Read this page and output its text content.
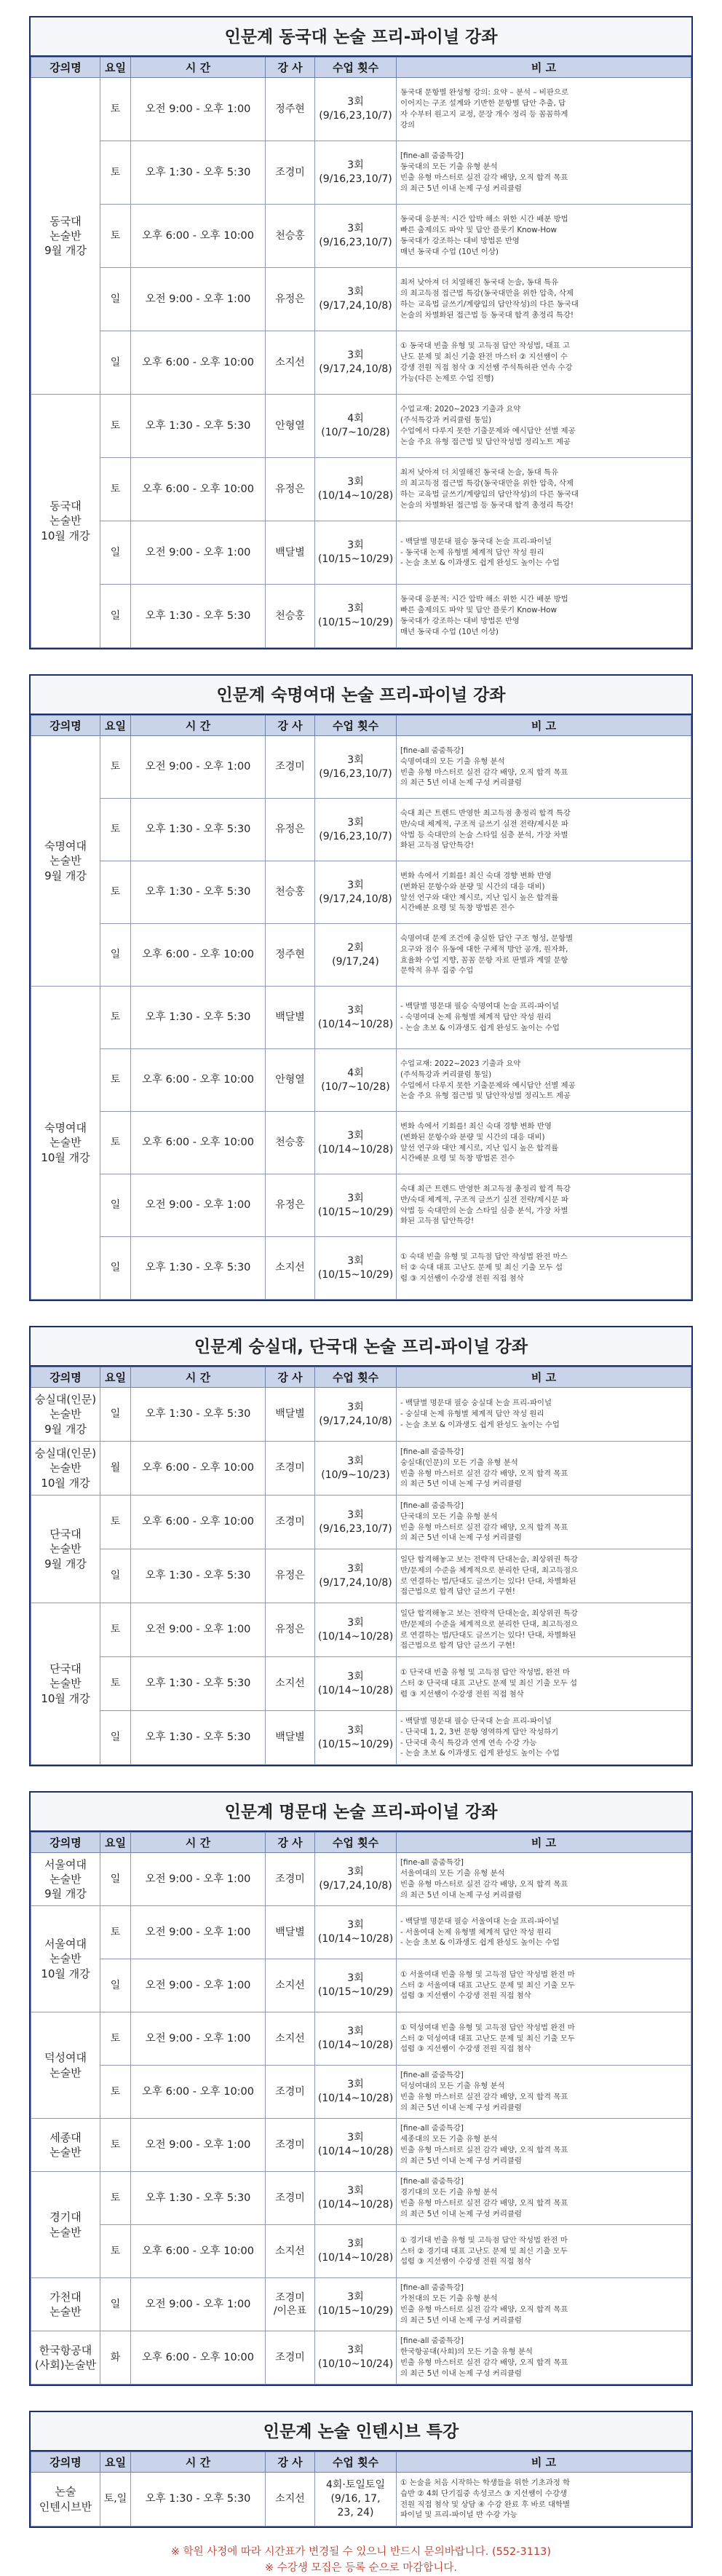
인문계 동국대 논술 프리-파이널 강좌
강의명	요일	시 간	강 사	수업 횟수	비 고
동국대
논술반
9월 개강	토	오전 9:00 - 오후 1:00	정주현	3회
(9/16,23,10/7)	동국대 문항별 완성형 강의: 요약 – 분석 – 비판으로
이어지는 구조 설계와 기반한 문항별 답안 추출, 답
자 수부터 원고지 교정, 문장 개수 정리 등 꼼꼼하게
강의

	토	오후 1:30 - 오후 5:30	조경미	3회
(9/16,23,10/7)	[fine-all 줌줌특강]
동국대의 모든 기출 유형 분석
빈출 유형 마스터로 실전 감각 배양, 오직 합격 목표
의 최근 5년 이내 논제 구성 커리큘럼

	토	오후 6:00 - 오후 10:00	천승홍	3회
(9/16,23,10/7)	동국대 응분적: 시간 압박 해소 위한 시간 배분 방법
빠른 출제의도 파악 및 답안 플롯기 Know-How
동국대가 강조하는 대비 방법론 반영
매년 동국대 수업 (10년 이상)

	일	오전 9:00 - 오후 1:00	유정은	3회
(9/17,24,10/8)	최저 낮아져 더 치열해진 동국대 논술, 동대 특유
의 최고득점 접근법 특강(동국대만을 위한 압축, 삭제
하는 교육법 글쓰기/계량입의 답안작성)의 다른 동국대
논술의 차별화된 접근법 등 동국대 합격 총정리 특강!

	일	오후 6:00 - 오후 10:00	소지선	3회
(9/17,24,10/8)	① 동국대 빈출 유형 및 고득점 답안 작성법, 대표 고
난도 문제 및 최신 기출 완전 마스터 ② 지선쌤이 수
강생 전원 직접 첨삭 ③ 지선쌤 주석특허관 연속 수강
가능(다른 논제로 수업 진행)

동국대
논술반
10월 개강	토	오후 1:30 - 오후 5:30	안형열	4회
(10/7~10/28)	수업교재: 2020~2023 기출과 요약
(주석특강과 커리큘럼 통일)
수업에서 다루지 못한 기출문제와 예시답안 선별 제공
논술 주요 유형 접근법 및 답안작성법 정리노트 제공

	토	오후 6:00 - 오후 10:00	유정은	3회
(10/14~10/28)	최저 낮아져 더 치열해진 동국대 논술, 동대 특유
의 최고득점 접근법 특강(동국대만을 위한 압축, 삭제
하는 교육법 글쓰기/계량입의 답안작성)의 다른 동국대
논술의 차별화된 접근법 등 동국대 합격 총정리 특강!

	일	오전 9:00 - 오후 1:00	백달별	3회
(10/15~10/29)	- 백달별 명문대 필승 동국대 논술 프리-파이널
- 동국대 논제 유형별 체계적 답안 작성 원리
- 논술 초보 & 이과생도 쉽게 완성도 높이는 수업

	일	오후 1:30 - 오후 5:30	천승홍	3회
(10/15~10/29)	동국대 응분적: 시간 압박 해소 위한 시간 배분 방법
빠른 출제의도 파악 및 답안 플롯기 Know-How
동국대가 강조하는 대비 방법론 반영
매년 동국대 수업 (10년 이상)
인문계 숙명여대 논술 프리-파이널 강좌
강의명	요일	시 간	강 사	수업 횟수	비 고
숙명여대
논술반
9월 개강	토	오전 9:00 - 오후 1:00	조경미	3회
(9/16,23,10/7)	[fine-all 줌줌특강]
숙명여대의 모든 기출 유형 분석
빈출 유형 마스터로 실전 감각 배양, 오직 합격 목표
의 최근 5년 이내 논제 구성 커리큘럼

	토	오후 1:30 - 오후 5:30	유정은	3회
(9/16,23,10/7)	숙대 최근 트렌드 반영한 최고득점 총정리 합격 특강
반/숙대 체계적, 구조적 글쓰기 실전 전략/제시문 파
악법 등 숙대만의 논술 스타일 심층 분석, 가장 차별
화된 고득점 답안특강!

	토	오후 1:30 - 오후 5:30	천승홍	3회
(9/17,24,10/8)	변화 속에서 기회를! 최신 숙대 경향 변화 반영
(변화된 문항수와 분량 및 시간의 대응 대비)
앞선 연구와 대안 제시로, 지난 입시 높은 합격률
시간배분 요령 및 독창 방법론 전수

	일	오후 6:00 - 오후 10:00	정주현	2회
(9/17,24)	숙명여대 문제 조건에 충실한 답안 구조 형성, 문항별
요구와 점수 유동에 대한 구체적 방안 공개, 원자화,
효율화 수업 지향, 꼼꼼 문항 자료 판별과 계열 문항
문학적 유부 집중 수업

숙명여대
논술반
10월 개강	토	오후 1:30 - 오후 5:30	백달별	3회
(10/14~10/28)	- 백달별 명문대 필승 숙명여대 논술 프리-파이널
- 숙명여대 논제 유형별 체계적 답안 작성 원리
- 논술 초보 & 이과생도 쉽게 완성도 높이는 수업

	토	오후 6:00 - 오후 10:00	안형열	4회
(10/7~10/28)	수업교재: 2022~2023 기출과 요약
(주석특강과 커리큘럼 통일)
수업에서 다루지 못한 기출문제와 예시답안 선별 제공
논술 주요 유형 접근법 및 답안작성법 정리노트 제공

	토	오후 6:00 - 오후 10:00	천승홍	3회
(10/14~10/28)	변화 속에서 기회를! 최신 숙대 경향 변화 반영
(변화된 문항수와 분량 및 시간의 대응 대비)
앞선 연구와 대안 제시로, 지난 입시 높은 합격률
시간배분 요령 및 독창 방법론 전수

	일	오전 9:00 - 오후 1:00	유정은	3회
(10/15~10/29)	숙대 최근 트렌드 반영한 최고득점 총정리 합격 특강
반/숙대 체계적, 구조적 글쓰기 실전 전략/제시문 파
악법 등 숙대만의 논술 스타일 심층 분석, 가장 차별
화된 고득점 답안특강!

	일	오후 1:30 - 오후 5:30	소지선	3회
(10/15~10/29)	① 숙대 빈출 유형 및 고득점 답안 작성법 완전 마스
터 ② 숙대 대표 고난도 문제 및 최신 기출 모두 섭
렵 ③ 지선쌤이 수강생 전원 직접 첨삭
인문계 숭실대, 단국대 논술 프리-파이널 강좌
강의명	요일	시 간	강 사	수업 횟수	비 고
숭실대(인문)
논술반
9월 개강	일	오후 1:30 - 오후 5:30	백달별	3회
(9/17,24,10/8)	- 백달별 명문대 필승 숭실대 논술 프리-파이널
- 숭실대 논제 유형별 체계적 답안 작성 원리
- 논술 초보 & 이과생도 쉽게 완성도 높이는 수업

숭실대(인문)
논술반
10월 개강	월	오후 6:00 - 오후 10:00	조경미	3회
(10/9~10/23)	[fine-all 줌줌특강]
숭실대(인문)의 모든 기출 유형 분석
빈출 유형 마스터로 실전 감각 배양, 오직 합격 목표
의 최근 5년 이내 논제 구성 커리큘럼

단국대
논술반
9월 개강	토	오후 6:00 - 오후 10:00	조경미	3회
(9/16,23,10/7)	[fine-all 줌줌특강]
단국대의 모든 기출 유형 분석
빈출 유형 마스터로 실전 감각 배양, 오직 합격 목표
의 최근 5년 이내 논제 구성 커리큘럼

	일	오후 1:30 - 오후 5:30	유정은	3회
(9/17,24,10/8)	일단 합격해놓고 보는 전략적 단대논술, 최상위권 특강
반/문제의 수준을 체계적으로 분리한 단대, 최고득점으
로 연결하는 법/단대도 글쓰기는 있다! 단대, 차별화된
접근법으로 합격 답안 글쓰기 구현!

단국대
논술반
10월 개강	토	오전 9:00 - 오후 1:00	유정은	3회
(10/14~10/28)	일단 합격해놓고 보는 전략적 단대논술, 최상위권 특강
반/문제의 수준을 체계적으로 분리한 단대, 최고득점으
로 연결하는 법/단대도 글쓰기는 있다! 단대, 차별화된
접근법으로 합격 답안 글쓰기 구현!

	토	오후 1:30 - 오후 5:30	소지선	3회
(10/14~10/28)	① 단국대 빈출 유형 및 고득점 답안 작성법, 완전 마
스터 ② 단국대 대표 고난도 문제 및 최신 기출 모두 섭
렵 ③ 지선쌤이 수강생 전원 직접 첨삭

	일	오후 1:30 - 오후 5:30	백달별	3회
(10/15~10/29)	- 백달별 명문대 필승 단국대 논술 프리-파이널
- 단국대 1, 2, 3번 문항 영역하게 답안 작성하기
- 단국대 축식 특강과 연계 연속 수강 가능
- 논술 초보 & 이과생도 쉽게 완성도 높이는 수업
인문계 명문대 논술 프리-파이널 강좌
강의명	요일	시 간	강 사	수업 횟수	비 고
서울여대
논술반
9월 개강	일	오전 9:00 - 오후 1:00	조경미	3회
(9/17,24,10/8)	[fine-all 줌줌특강]
서울여대의 모든 기출 유형 분석
빈출 유형 마스터로 실전 감각 배양, 오직 합격 목표
의 최근 5년 이내 논제 구성 커리큘럼

서울여대
논술반
10월 개강	토	오전 9:00 - 오후 1:00	백달별	3회
(10/14~10/28)	- 백달별 명문대 필승 서울여대 논술 프리-파이널
- 서울여대 논제 유형별 체계적 답안 작성 원리
- 논술 초보 & 이과생도 쉽게 완성도 높이는 수업

	일	오전 9:00 - 오후 1:00	소지선	3회
(10/15~10/29)	① 서울여대 빈출 유형 및 고득점 답안 작성법 완전 마
스터 ② 서울여대 대표 고난도 문제 및 최신 기출 모두
섭렵 ③ 지선쌤이 수강생 전원 직접 첨삭

덕성여대
논술반	토	오전 9:00 - 오후 1:00	소지선	3회
(10/14~10/28)	① 덕성여대 빈출 유형 및 고득점 답안 작성법 완전 마
스터 ② 덕성여대 대표 고난도 문제 및 최신 기출 모두
섭렵 ③ 지선쌤이 수강생 전원 직접 첨삭

	토	오후 6:00 - 오후 10:00	조경미	3회
(10/14~10/28)	[fine-all 줌줌특강]
덕성여대의 모든 기출 유형 분석
빈출 유형 마스터로 실전 감각 배양, 오직 합격 목표
의 최근 5년 이내 논제 구성 커리큘럼

세종대
논술반	토	오전 9:00 - 오후 1:00	조경미	3회
(10/14~10/28)	[fine-all 줌줌특강]
세종대의 모든 기출 유형 분석
빈출 유형 마스터로 실전 감각 배양, 오직 합격 목표
의 최근 5년 이내 논제 구성 커리큘럼

경기대
논술반	토	오후 1:30 - 오후 5:30	조경미	3회
(10/14~10/28)	[fine-all 줌줌특강]
경기대의 모든 기출 유형 분석
빈출 유형 마스터로 실전 감각 배양, 오직 합격 목표
의 최근 5년 이내 논제 구성 커리큘럼

	토	오후 6:00 - 오후 10:00	소지선	3회
(10/14~10/28)	① 경기대 빈출 유형 및 고득점 답안 작성법 완전 마
스터 ② 경기대 대표 고난도 문제 및 최신 기출 모두
섭렵 ③ 지선쌤이 수강생 전원 직접 첨삭

가천대
논술반	일	오전 9:00 - 오후 1:00	조경미
/이은표	3회
(10/15~10/29)	[fine-all 줌줌특강]
가천대의 모든 기출 유형 분석
빈출 유형 마스터로 실전 감각 배양, 오직 합격 목표
의 최근 5년 이내 논제 구성 커리큘럼

한국항공대
(사회)논술반	화	오후 6:00 - 오후 10:00	조경미	3회
(10/10~10/24)	[fine-all 줌줌특강]
한국항공대(사회)의 모든 기출 유형 분석
빈출 유형 마스터로 실전 감각 배양, 오직 합격 목표
의 최근 5년 이내 논제 구성 커리큘럼
인문계 논술 인텐시브 특강
강의명	요일	시 간	강 사	수업 횟수	비 고
논술
인텐시브반	토,일	오후 1:30 - 오후 5:30	소지선	4회·토일토일
(9/16, 17,
23, 24)	① 논술을 처음 시작하는 학생들을 위한 기초과정 학
습반 ② 4회 단기집중 속성코스 ③ 지선쌤이 수강생
전원 직접 첨삭 및 상담 ④ 수강 완료 후 바로 대학별
파이널 및 프리-파이널 반 수강 가능
※ 학원 사정에 따라 시간표가 변경될 수 있으니 반드시 문의바랍니다. (552-3113)
※ 수강생 모집은 등록 순으로 마감합니다.
